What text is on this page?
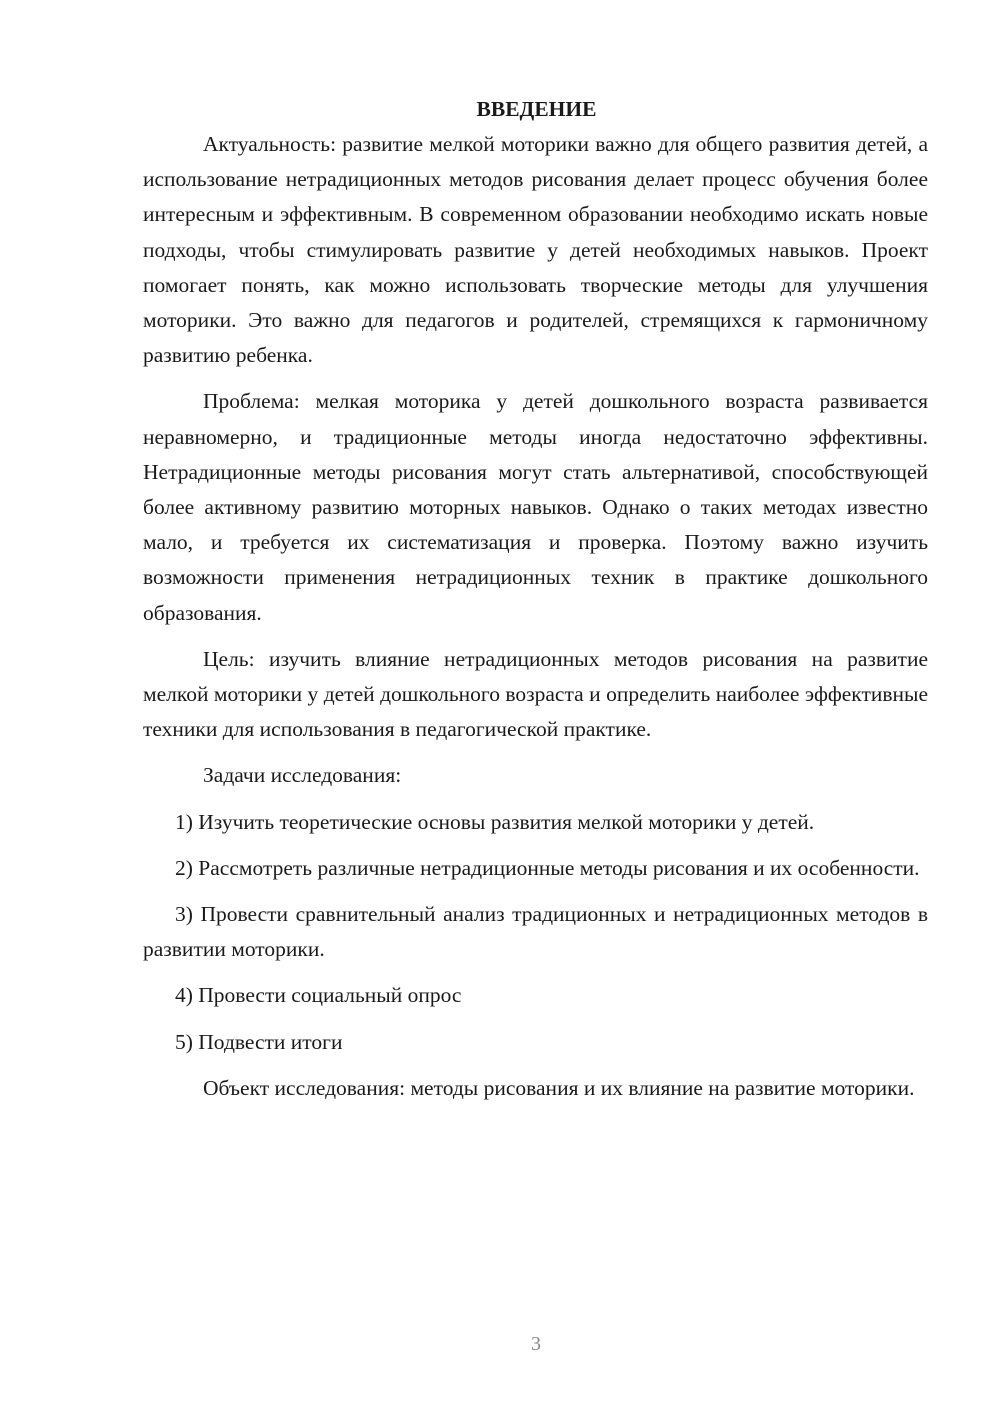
ВВЕДЕНИЕ

Актуальность: развитие мелкой моторики важно для общего развития детей, а использование нетрадиционных методов рисования делает процесс обучения более интересным и эффективным. В современном образовании необходимо искать новые подходы, чтобы стимулировать развитие у детей необходимых навыков. Проект помогает понять, как можно использовать творческие методы для улучшения моторики. Это важно для педагогов и родителей, стремящихся к гармоничному развитию ребенка.

Проблема: мелкая моторика у детей дошкольного возраста развивается неравномерно, и традиционные методы иногда недостаточно эффективны. Нетрадиционные методы рисования могут стать альтернативой, способствующей более активному развитию моторных навыков. Однако о таких методах известно мало, и требуется их систематизация и проверка. Поэтому важно изучить возможности применения нетрадиционных техник в практике дошкольного образования.

Цель: изучить влияние нетрадиционных методов рисования на развитие мелкой моторики у детей дошкольного возраста и определить наиболее эффективные техники для использования в педагогической практике.

Задачи исследования:

1) Изучить теоретические основы развития мелкой моторики у детей.

2) Рассмотреть различные нетрадиционные методы рисования и их особенности.

3) Провести сравнительный анализ традиционных и нетрадиционных методов в развитии моторики.

4) Провести социальный опрос

5) Подвести итоги

Объект исследования: методы рисования и их влияние на развитие моторики.

3
